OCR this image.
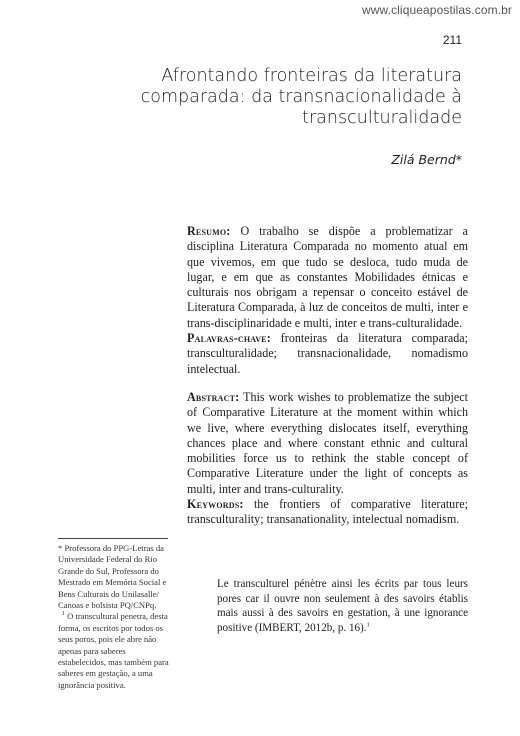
www.cliqueapostilas.com.br
211
Afrontando fronteiras da literatura comparada: da transnacionalidade à transculturalidade
Zilá Bernd*

Resumo: O trabalho se dispõe a problematizar a disciplina Literatura Comparada no momento atual em que vivemos, em que tudo se desloca, tudo muda de lugar, e em que as constantes Mobilidades étnicas e culturais nos obrigam a repensar o conceito estável de Literatura Comparada, à luz de conceitos de multi, inter e trans-disciplinaridade e multi, inter e trans-culturalidade.

Palavras-chave: fronteiras da literatura comparada; transculturalidade; transnacionalidade, nomadismo intelectual.

Abstract: This work wishes to problematize the subject of Comparative Literature at the moment within which we live, where everything dislocates itself, everything chances place and where constant ethnic and cultural mobilities force us to rethink the stable concept of Comparative Literature under the light of concepts as multi, inter and trans-culturality.

Keywords: the frontiers of comparative literature; transculturality; transanationality, intelectual nomadism.

* Professora do PPG-Letras da Universidade Federal do Rio Grande do Sul, Professora do Mestrado em Memória Social e Bens Culturais do Unilasalle/ Canoas e bolsista PQ/CNPq.

$^1$ O transcultural penetra, desta forma, os escritos por todos os seus poros, pois ele abre não apenas para saberes estabelecidos, mas também para saberes em gestação, a uma ignorância positiva.

Le transculturel pénètre ainsi les écrits par tous leurs pores car il ouvre non seulement à des savoirs établis mais aussi à des savoirs en gestation, à une ignorance positive (IMBERT, 2012b, p. 16).$^1$
